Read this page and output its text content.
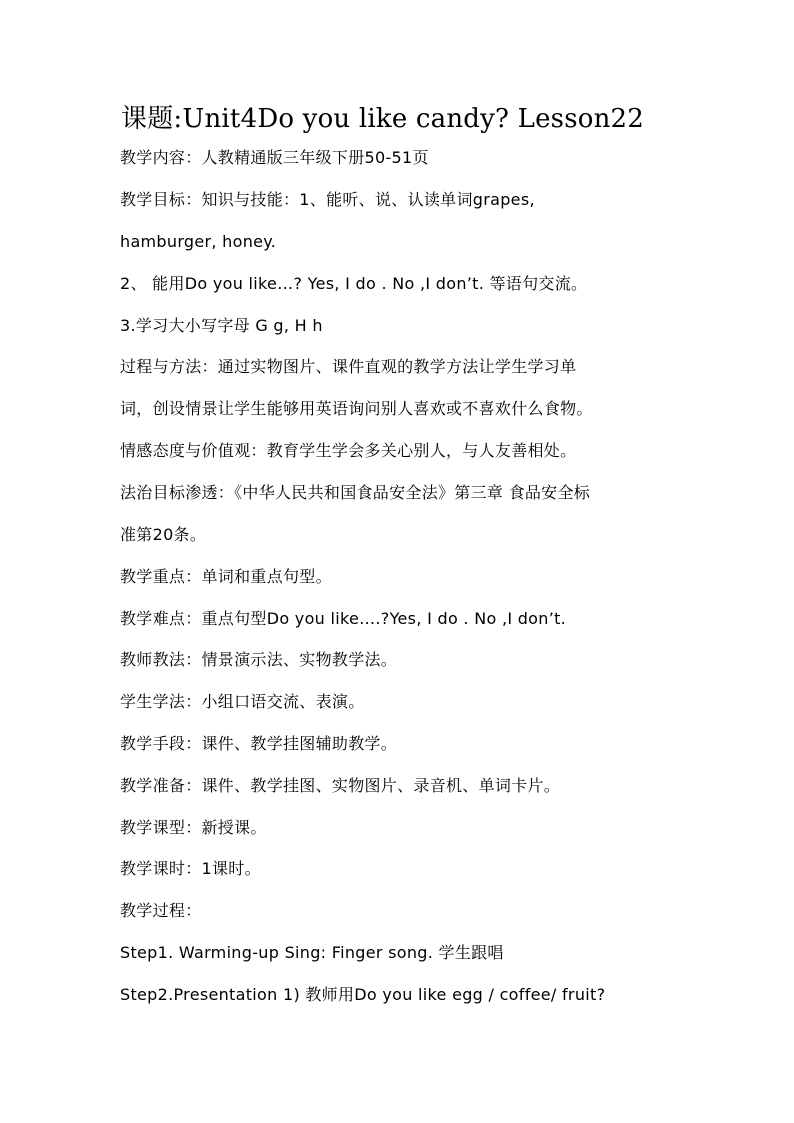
课题:Unit4Do you like candy? Lesson22
教学内容：人教精通版三年级下册50-51页
教学目标：知识与技能：1、能听、说、认读单词grapes,
hamburger, honey.
2、 能用Do you like…? Yes, I do . No ,I don’t. 等语句交流。
3.学习大小写字母 G g, H h
过程与方法：通过实物图片、课件直观的教学方法让学生学习单
词，创设情景让学生能够用英语询问别人喜欢或不喜欢什么食物。
情感态度与价值观：教育学生学会多关心别人，与人友善相处。
法治目标渗透：《中华人民共和国食品安全法》第三章 食品安全标
准第20条。
教学重点：单词和重点句型。
教学难点：重点句型Do you like….?Yes, I do . No ,I don’t.
教师教法：情景演示法、实物教学法。
学生学法：小组口语交流、表演。
教学手段：课件、教学挂图辅助教学。
教学准备：课件、教学挂图、实物图片、录音机、单词卡片。
教学课型：新授课。
教学课时：1课时。
教学过程：
Step1. Warming-up Sing: Finger song. 学生跟唱
Step2.Presentation 1) 教师用Do you like egg / coffee/ fruit?
